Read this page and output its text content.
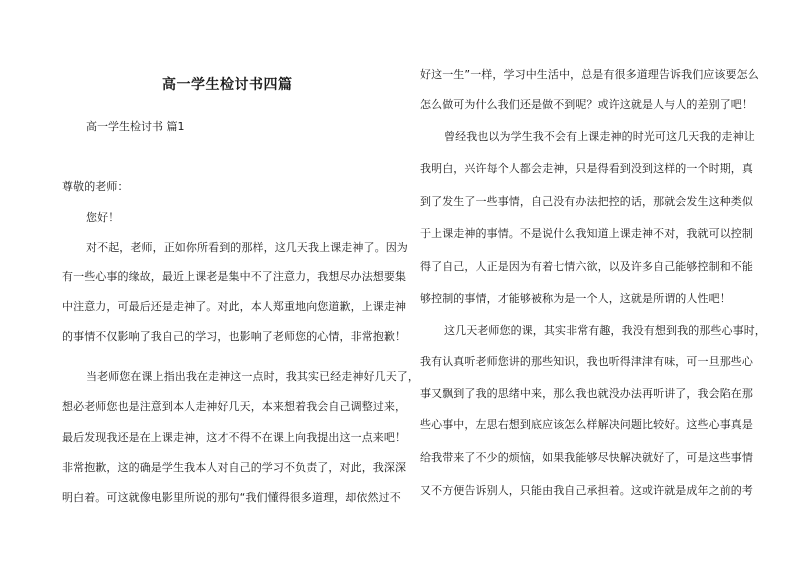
高一学生检讨书四篇
高一学生检讨书 篇1
尊敬的老师：
您好！
对不起，老师，正如你所看到的那样，这几天我上课走神了。因为
有一些心事的缘故，最近上课老是集中不了注意力，我想尽办法想要集
中注意力，可最后还是走神了。对此，本人郑重地向您道歉，上课走神
的事情不仅影响了我自己的学习，也影响了老师您的心情，非常抱歉！
当老师您在课上指出我在走神这一点时，我其实已经走神好几天了，
想必老师您也是注意到本人走神好几天，本来想着我会自己调整过来，
最后发现我还是在上课走神，这才不得不在课上向我提出这一点来吧！
非常抱歉，这的确是学生我本人对自己的学习不负责了，对此，我深深
明白着。可这就像电影里所说的那句“我们懂得很多道理，却依然过不
好这一生”一样，学习中生活中，总是有很多道理告诉我们应该要怎么
怎么做可为什么我们还是做不到呢？或许这就是人与人的差别了吧！
曾经我也以为学生我不会有上课走神的时光可这几天我的走神让
我明白，兴许每个人都会走神，只是得看到没到这样的一个时期，真
到了发生了一些事情，自己没有办法把控的话，那就会发生这种类似
于上课走神的事情。不是说什么我知道上课走神不对，我就可以控制
得了自己，人正是因为有着七情六欲，以及许多自己能够控制和不能
够控制的事情，才能够被称为是一个人，这就是所谓的人性吧！
这几天老师您的课，其实非常有趣，我没有想到我的那些心事时，
我有认真听老师您讲的那些知识，我也听得津津有味，可一旦那些心
事又飘到了我的思绪中来，那么我也就没办法再听讲了，我会陷在那
些心事中，左思右想到底应该怎么样解决问题比较好。这些心事真是
给我带来了不少的烦恼，如果我能够尽快解决就好了，可是这些事情
又不方便告诉别人，只能由我自己承担着。这或许就是成年之前的考
